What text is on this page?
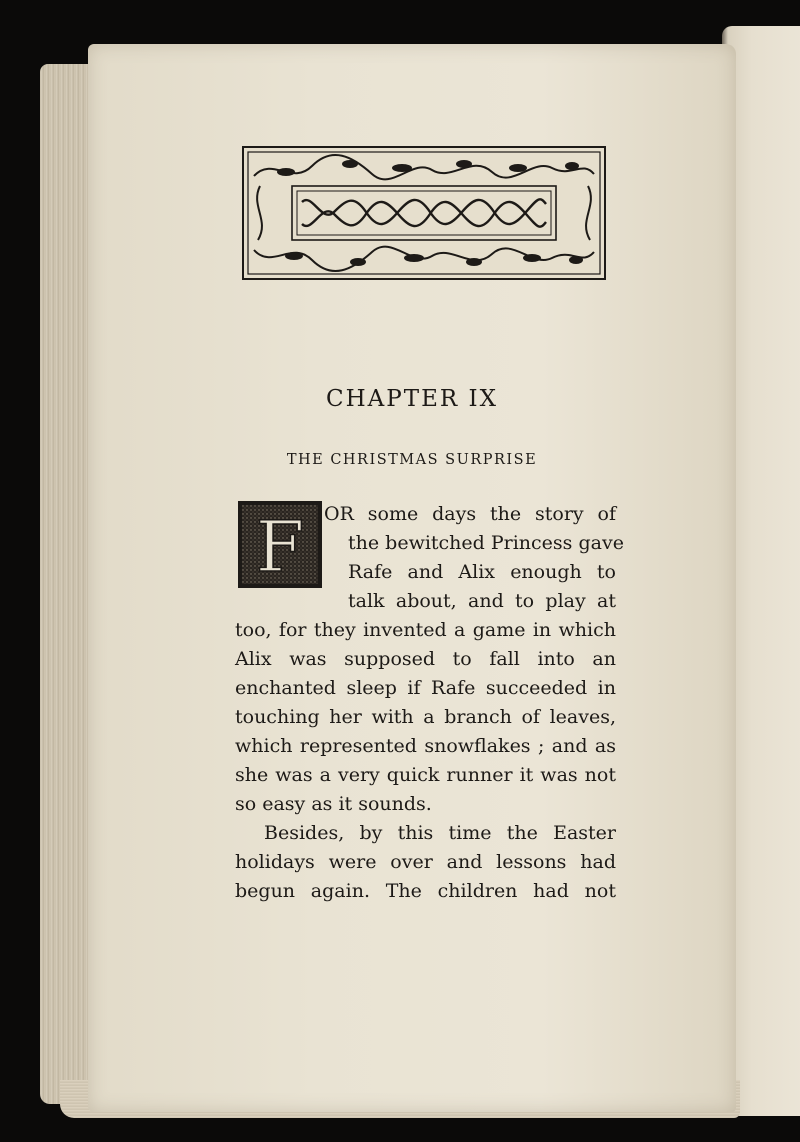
CHAPTER IX
THE CHRISTMAS SURPRISE
F OR some days the story of
the bewitched Princess gave
Rafe and Alix enough to
talk about, and to play at
too, for they invented a game in which
Alix was supposed to fall into an
enchanted sleep if Rafe succeeded in
touching her with a branch of leaves,
which represented snowflakes ; and as
she was a very quick runner it was not
so easy as it sounds.
Besides, by this time the Easter
holidays were over and lessons had
begun again. The children had not
